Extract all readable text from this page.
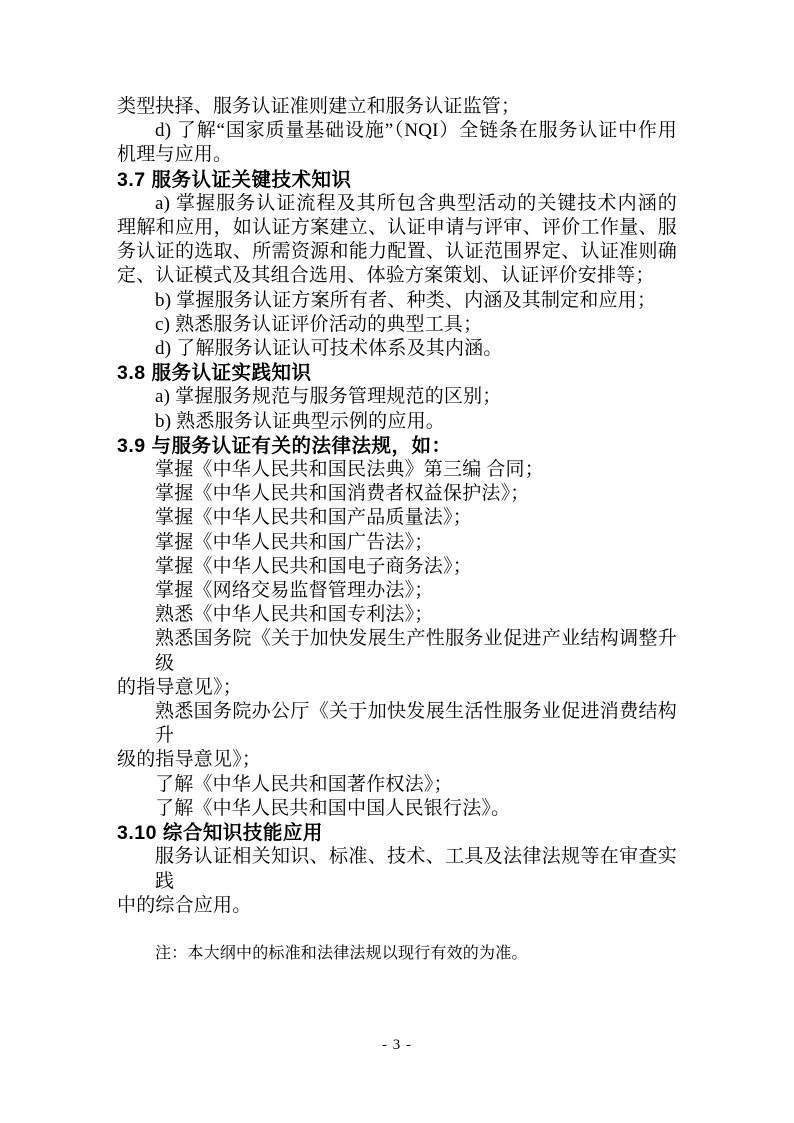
类型抉择、服务认证准则建立和服务认证监管；
d) 了解“国家质量基础设施”（NQI）全链条在服务认证中作用
机理与应用。
3.7 服务认证关键技术知识
a) 掌握服务认证流程及其所包含典型活动的关键技术内涵的
理解和应用，如认证方案建立、认证申请与评审、评价工作量、服
务认证的选取、所需资源和能力配置、认证范围界定、认证准则确
定、认证模式及其组合选用、体验方案策划、认证评价安排等；
b) 掌握服务认证方案所有者、种类、内涵及其制定和应用；
c) 熟悉服务认证评价活动的典型工具；
d) 了解服务认证认可技术体系及其内涵。
3.8 服务认证实践知识
a) 掌握服务规范与服务管理规范的区别；
b) 熟悉服务认证典型示例的应用。
3.9 与服务认证有关的法律法规，如：
掌握《中华人民共和国民法典》第三编 合同；
掌握《中华人民共和国消费者权益保护法》；
掌握《中华人民共和国产品质量法》；
掌握《中华人民共和国广告法》；
掌握《中华人民共和国电子商务法》；
掌握《网络交易监督管理办法》；
熟悉《中华人民共和国专利法》；
熟悉国务院《关于加快发展生产性服务业促进产业结构调整升级
的指导意见》；
熟悉国务院办公厅《关于加快发展生活性服务业促进消费结构升
级的指导意见》；
了解《中华人民共和国著作权法》；
了解《中华人民共和国中国人民银行法》。
3.10 综合知识技能应用
服务认证相关知识、标准、技术、工具及法律法规等在审查实践
中的综合应用。

注：本大纲中的标准和法律法规以现行有效的为准。
- 3 -
